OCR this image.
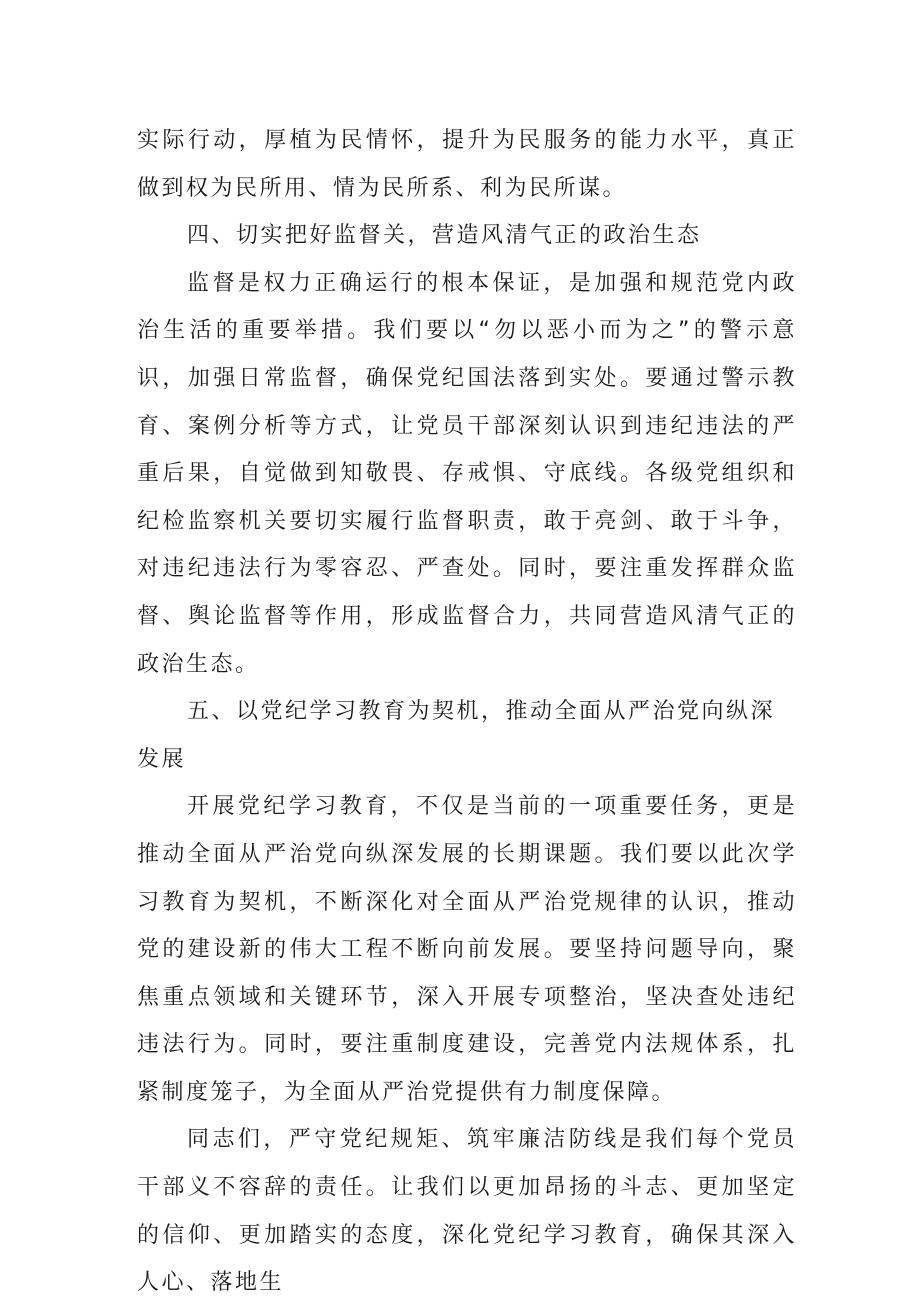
实际行动，厚植为民情怀，提升为民服务的能力水平，真正做到权为民所用、情为民所系、利为民所谋。

四、切实把好监督关，营造风清气正的政治生态

监督是权力正确运行的根本保证，是加强和规范党内政治生活的重要举措。我们要以“勿以恶小而为之”的警示意识，加强日常监督，确保党纪国法落到实处。要通过警示教育、案例分析等方式，让党员干部深刻认识到违纪违法的严重后果，自觉做到知敬畏、存戒惧、守底线。各级党组织和纪检监察机关要切实履行监督职责，敢于亮剑、敢于斗争，对违纪违法行为零容忍、严查处。同时，要注重发挥群众监督、舆论监督等作用，形成监督合力，共同营造风清气正的政治生态。

五、以党纪学习教育为契机，推动全面从严治党向纵深发展

开展党纪学习教育，不仅是当前的一项重要任务，更是推动全面从严治党向纵深发展的长期课题。我们要以此次学习教育为契机，不断深化对全面从严治党规律的认识，推动党的建设新的伟大工程不断向前发展。要坚持问题导向，聚焦重点领域和关键环节，深入开展专项整治，坚决查处违纪违法行为。同时，要注重制度建设，完善党内法规体系，扎紧制度笼子，为全面从严治党提供有力制度保障。

同志们，严守党纪规矩、筑牢廉洁防线是我们每个党员干部义不容辞的责任。让我们以更加昂扬的斗志、更加坚定的信仰、更加踏实的态度，深化党纪学习教育，确保其深入人心、落地生
